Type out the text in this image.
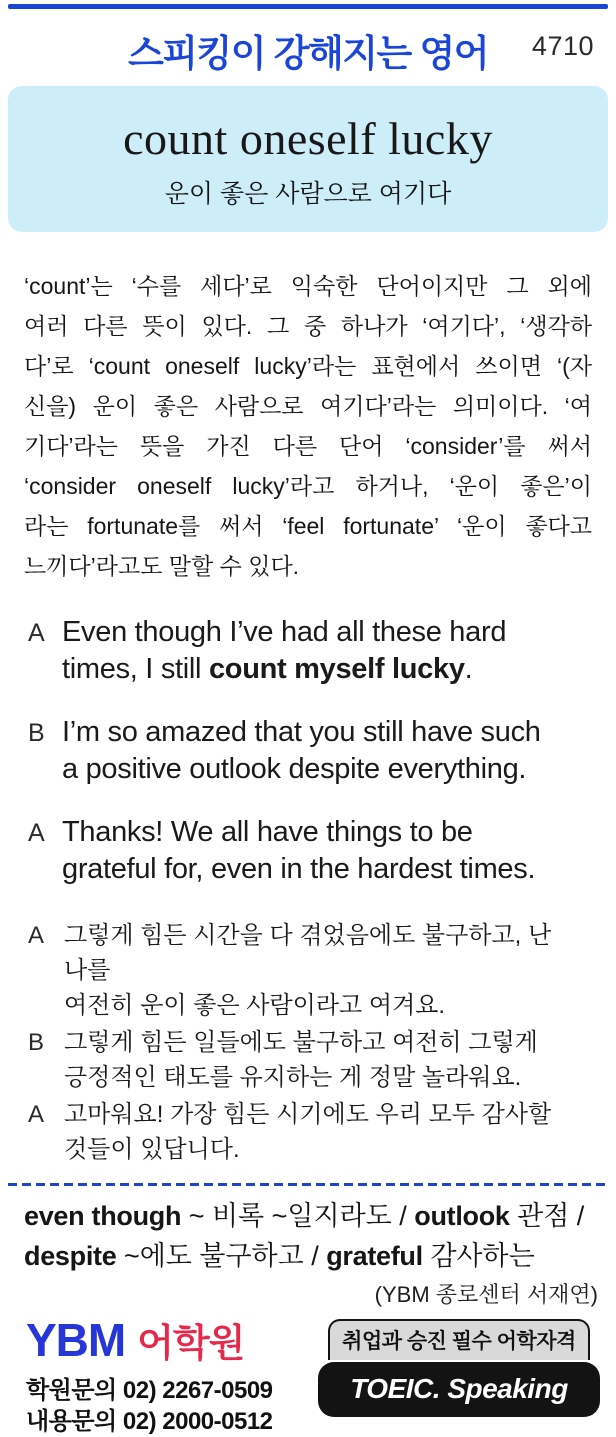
스피킹이 강해지는 영어	4710
count oneself lucky
운이 좋은 사람으로 여기다
‘count’는 ‘수를 세다’로 익숙한 단어이지만 그 외에
여러 다른 뜻이 있다. 그 중 하나가 ‘여기다’, ‘생각하
다’로 ‘count oneself lucky’라는 표현에서 쓰이면 ‘(자
신을) 운이 좋은 사람으로 여기다’라는 의미이다. ‘여
기다’라는 뜻을 가진 다른 단어 ‘consider’를 써서
‘consider oneself lucky’라고 하거나, ‘운이 좋은’이
라는 fortunate를 써서 ‘feel fortunate’ ‘운이 좋다고
느끼다’라고도 말할 수 있다.
A Even though I’ve had all these hard
times, I still count myself lucky.
B I’m so amazed that you still have such
a positive outlook despite everything.
A Thanks! We all have things to be
grateful for, even in the hardest times.
A 그렇게 힘든 시간을 다 겪었음에도 불구하고, 난 나를
여전히 운이 좋은 사람이라고 여겨요.
B 그렇게 힘든 일들에도 불구하고 여전히 그렇게
긍정적인 태도를 유지하는 게 정말 놀라워요.
A 고마워요! 가장 힘든 시기에도 우리 모두 감사할
것들이 있답니다.
even though ~ 비록 ~일지라도 / outlook 관점 /
despite ~에도 불구하고 / grateful 감사하는
(YBM 종로센터 서재연)
YBM 어학원
학원문의 02) 2267-0509
내용문의 02) 2000-0512
취업과 승진 필수 어학자격
TOEIC. Speaking
